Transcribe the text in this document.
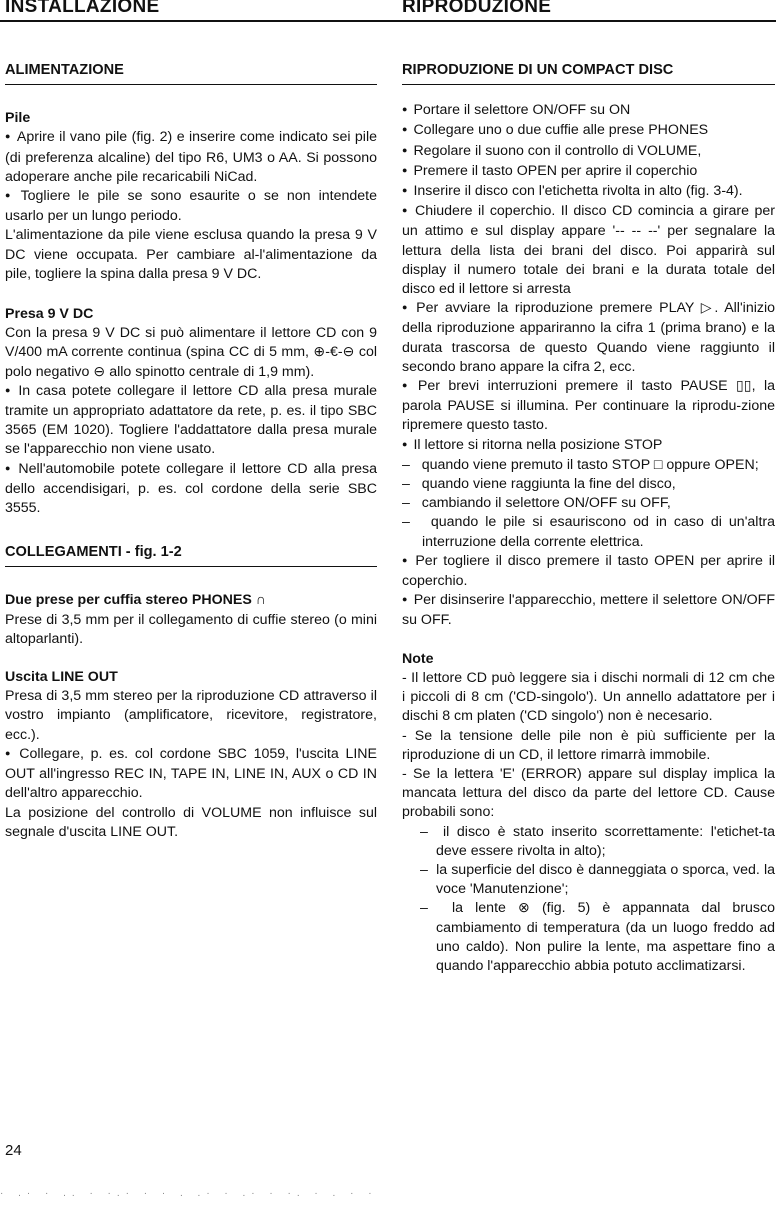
INSTALLAZIONE	RIPRODUZIONE
ALIMENTAZIONE

Pile

● Aprire il vano pile (fig. 2) e inserire come indicato sei pile (di preferenza alcaline) del tipo R6, UM3 o AA. Si possono adoperare anche pile recaricabili NiCad.

● Togliere le pile se sono esaurite o se non intendete usarlo per un lungo periodo.

L'alimentazione da pile viene esclusa quando la presa 9 V DC viene occupata. Per cambiare al-l'alimentazione da pile, togliere la spina dalla presa 9 V DC.

Presa 9 V DC

Con la presa 9 V DC si può alimentare il lettore CD con 9 V/400 mA corrente continua (spina CC di 5 mm, ⊕-€-⊖ col polo negativo ⊖ allo spinotto centrale di 1,9 mm).

● In casa potete collegare il lettore CD alla presa murale tramite un appropriato adattatore da rete, p. es. il tipo SBC 3565 (EM 1020). Togliere l'addattatore dalla presa murale se l'apparecchio non viene usato.

● Nell'automobile potete collegare il lettore CD alla presa dello accendisigari, p. es. col cordone della serie SBC 3555.

COLLEGAMENTI - fig. 1-2

Due prese per cuffia stereo PHONES ∩

Prese di 3,5 mm per il collegamento di cuffie stereo (o mini altoparlanti).

Uscita LINE OUT

Presa di 3,5 mm stereo per la riproduzione CD attraverso il vostro impianto (amplificatore, ricevitore, registratore, ecc.).

● Collegare, p. es. col cordone SBC 1059, l'uscita LINE OUT all'ingresso REC IN, TAPE IN, LINE IN, AUX o CD IN dell'altro apparecchio.

La posizione del controllo di VOLUME non influisce sul segnale d'uscita LINE OUT.

RIPRODUZIONE DI UN COMPACT DISC

● Portare il selettore ON/OFF su ON

● Collegare uno o due cuffie alle prese PHONES

● Regolare il suono con il controllo di VOLUME,

● Premere il tasto OPEN per aprire il coperchio

● Inserire il disco con l'etichetta rivolta in alto (fig. 3-4).

● Chiudere il coperchio. Il disco CD comincia a girare per un attimo e sul display appare '-- -- --' per segnalare la lettura della lista dei brani del disco. Poi apparirà sul display il numero totale dei brani e la durata totale del disco ed il lettore si arresta

● Per avviare la riproduzione premere PLAY ▷. All'inizio della riproduzione appariranno la cifra 1 (prima brano) e la durata trascorsa de questo Quando viene raggiunto il secondo brano appare la cifra 2, ecc.

● Per brevi interruzioni premere il tasto PAUSE ▯▯, la parola PAUSE si illumina. Per continuare la riprodu-zione ripremere questo tasto.

● Il lettore si ritorna nella posizione STOP

–   quando viene premuto il tasto STOP □ oppure OPEN;

–   quando viene raggiunta la fine del disco,

–   cambiando il selettore ON/OFF su OFF,

–   quando le pile si esauriscono od in caso di un'altra interruzione della corrente elettrica.

● Per togliere il disco premere il tasto OPEN per aprire il coperchio.

● Per disinserire l'apparecchio, mettere il selettore ON/OFF su OFF.

Note

- Il lettore CD può leggere sia i dischi normali di 12 cm che i piccoli di 8 cm ('CD-singolo'). Un annello adattatore per i dischi 8 cm platen ('CD singolo') non è necesario.

- Se la tensione delle pile non è più sufficiente per la riproduzione di un CD, il lettore rimarrà immobile.

- Se la lettera 'E' (ERROR) appare sul display implica la mancata lettura del disco da parte del lettore CD. Cause probabili sono:

–  il disco è stato inserito scorrettamente: l'etichet-ta deve essere rivolta in alto);

–  la superficie del disco è danneggiata o sporca, ved. la voce 'Manutenzione';

–  la lente ⊗ (fig. 5) è appannata dal brusco cambiamento di temperatura (da un luogo freddo ad uno caldo). Non pulire la lente, ma aspettare fino a quando l'apparecchio abbia potuto acclimatizarsi.

24
· .· · .. · ·.· · · . .· · .· · ·. · . · ·
